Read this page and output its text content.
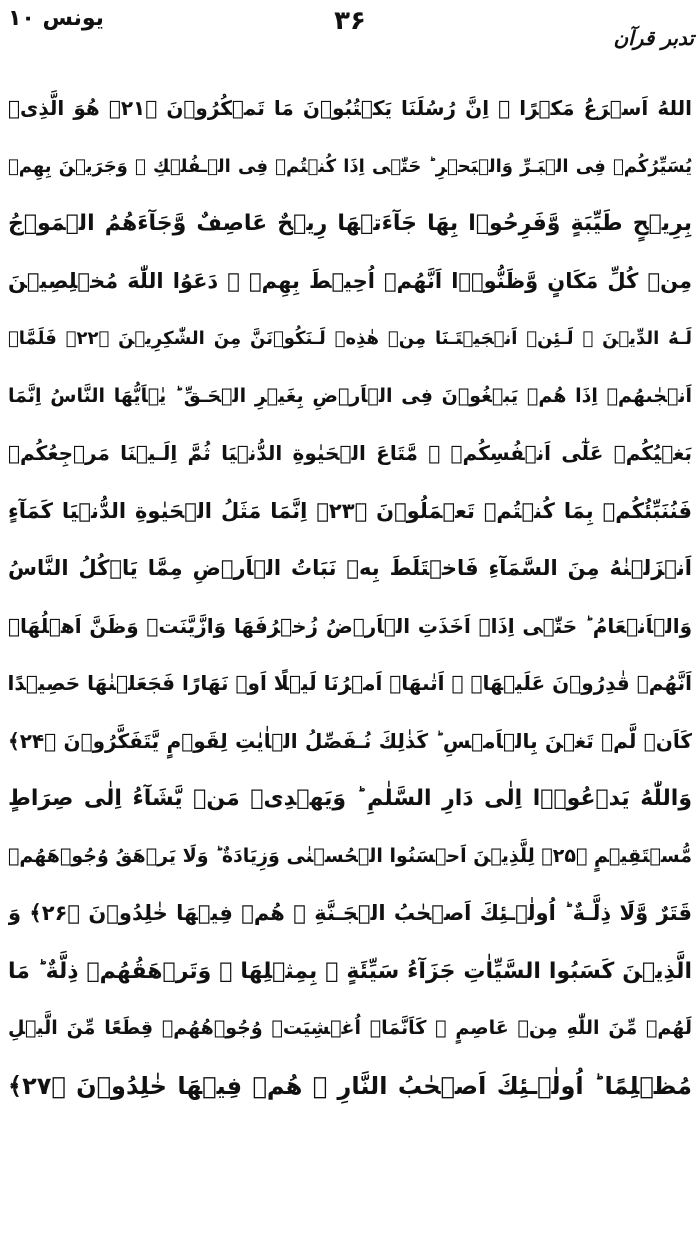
یونس ۱۰	۳۶
تدبر قرآن
اللهُ اَسۡرَعُ مَكۡرًا ۭ اِنَّ رُسُلَنَا يَكۡتُبُوۡنَ مَا تَمۡكُرُوۡنَ ﴿۲۱﴾ هُوَ الَّذِىۡ
يُسَيِّرُكُمۡ فِى الۡبَـرِّ وَالۡبَحۡرِ ؕ حَتّٰۤى اِذَا كُنۡتُمۡ فِى الۡـفُلۡكِ ۚ وَجَرَيۡنَ بِهِمۡ
بِرِيۡحٍ طَيِّبَةٍ وَّفَرِحُوۡا بِهَا جَآءَتۡهَا رِيۡحٌ عَاصِفٌ وَّجَآءَهُمُ الۡمَوۡجُ
مِنۡ كُلِّ مَكَانٍ وَّظَنُّوۡۤا اَنَّهُمۡ اُحِيۡطَ بِهِمۡ ۙ دَعَوُا اللّٰهَ مُخۡلِصِيۡنَ
لَـهُ الدِّيۡنَ ۚ لَـئِنۡ اَنۡجَيۡتَـنَا مِنۡ هٰذِهٖ لَـنَكُوۡنَنَّ مِنَ الشّٰكِرِيۡنَ ﴿۲۲﴾ فَلَمَّاۤ
اَنۡجٰٮهُمۡ اِذَا هُمۡ يَبۡغُوۡنَ فِى الۡاَرۡضِ بِغَيۡرِ الۡحَـقِّ ؕ يٰۤاَيُّهَا النَّاسُ اِنَّمَا
بَغۡيُكُمۡ عَلٰٓى اَنۡفُسِكُمۡ ۙ مَّتَاعَ الۡحَيٰوةِ الدُّنۡيَا ثُمَّ اِلَـيۡنَا مَرۡجِعُكُمۡ
فَنُنَبِّئُكُمۡ بِمَا كُنۡتُمۡ تَعۡمَلُوۡنَ ﴿۲۳﴾ اِنَّمَا مَثَلُ الۡحَيٰوةِ الدُّنۡيَا كَمَآءٍ
اَنۡزَلۡنٰهُ مِنَ السَّمَآءِ فَاخۡتَلَطَ بِهٖ نَبَاتُ الۡاَرۡضِ مِمَّا يَاۡكُلُ النَّاسُ
وَالۡاَنۡعَامُ ؕ حَتّٰۤى اِذَاۤ اَخَذَتِ الۡاَرۡضُ زُخۡرُفَهَا وَازَّيَّنَتۡ وَظَنَّ اَهۡلُهَاۤ
اَنَّهُمۡ قٰدِرُوۡنَ عَلَيۡهَاۤ ۙ اَتٰٮهَاۤ اَمۡرُنَا لَيۡلًا اَوۡ نَهَارًا فَجَعَلۡنٰهَا حَصِيۡدًا
كَاَنۡ لَّمۡ تَغۡنَ بِالۡاَمۡسِ ؕ كَذٰلِكَ نُـفَصِّلُ الۡاٰيٰتِ لِقَوۡمٍ يَّتَفَكَّرُوۡنَ ﴿۲۴﴾
وَاللّٰهُ يَدۡعُوۡۤا اِلٰى دَارِ السَّلٰمِ ؕ وَيَهۡدِىۡ مَنۡ يَّشَآءُ اِلٰى صِرَاطٍ
مُّسۡتَقِيۡمٍ ﴿۲۵﴾ لِلَّذِيۡنَ اَحۡسَنُوا الۡحُسۡنٰى وَزِيَادَةٌ ؕ وَلَا يَرۡهَقُ وُجُوۡهَهُمۡ
قَتَرٌ وَّلَا ذِلَّـةٌ ؕ اُولٰۤـئِكَ اَصۡحٰبُ الۡجَـنَّةِ ۚ هُمۡ فِيۡهَا خٰلِدُوۡنَ ﴿۲۶﴾ وَ
الَّذِيۡنَ كَسَبُوا السَّيِّاٰتِ جَزَآءُ سَيِّئَةٍ ۭ بِمِثۡلِهَا ۙ وَتَرۡهَقُهُمۡ ذِلَّةٌ ؕ مَا
لَهُمۡ مِّنَ اللّٰهِ مِنۡ عَاصِمٍ ۚ كَاَنَّمَاۤ اُغۡشِيَتۡ وُجُوۡهُهُمۡ قِطَعًا مِّنَ الَّيۡلِ
مُظۡلِمًا ؕ اُولٰۤـئِكَ اَصۡحٰبُ النَّارِ ۚ هُمۡ فِيۡهَا خٰلِدُوۡنَ ﴿۲۷﴾
